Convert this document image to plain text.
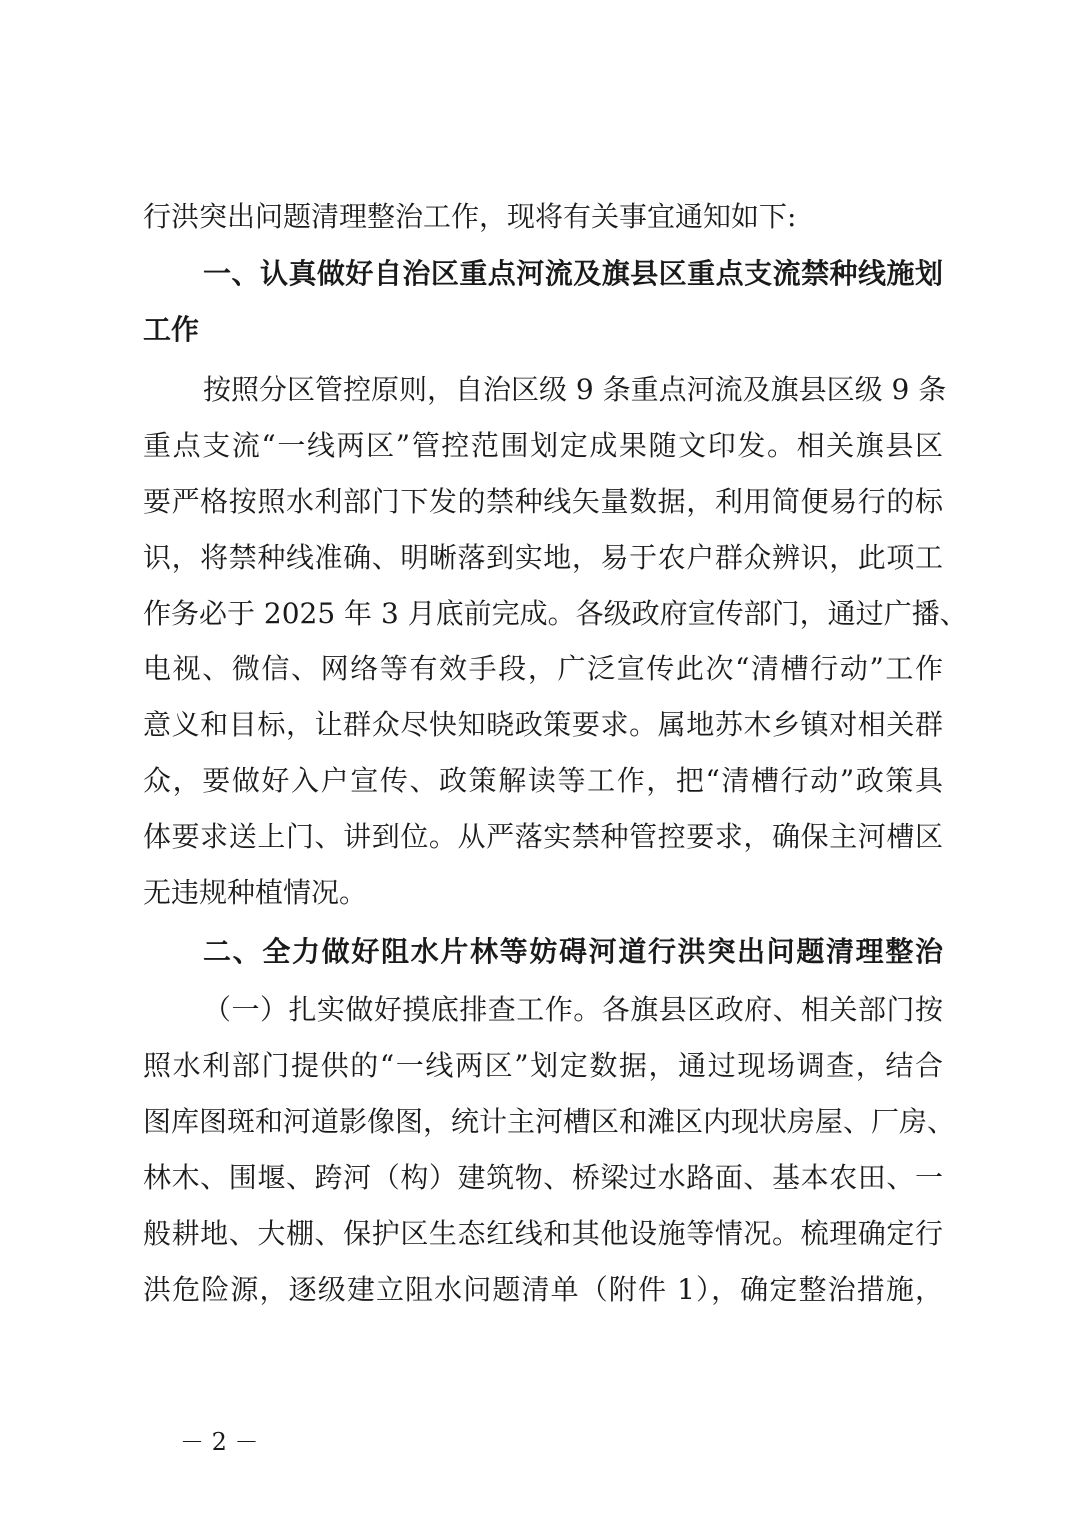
行洪突出问题清理整治工作，现将有关事宜通知如下:
一、认真做好自治区重点河流及旗县区重点支流禁种线施划
工作
按照分区管控原则，自治区级 9 条重点河流及旗县区级 9 条
重点支流“一线两区”管控范围划定成果随文印发。相关旗县区
要严格按照水利部门下发的禁种线矢量数据，利用简便易行的标
识，将禁种线准确、明晰落到实地，易于农户群众辨识，此项工
作务必于 2025 年 3 月底前完成。各级政府宣传部门，通过广播、
电视、微信、网络等有效手段，广泛宣传此次“清槽行动”工作
意义和目标，让群众尽快知晓政策要求。属地苏木乡镇对相关群
众，要做好入户宣传、政策解读等工作，把“清槽行动”政策具
体要求送上门、讲到位。从严落实禁种管控要求，确保主河槽区
无违规种植情况。
二、全力做好阻水片林等妨碍河道行洪突出问题清理整治
（一）扎实做好摸底排查工作。各旗县区政府、相关部门按
照水利部门提供的“一线两区”划定数据，通过现场调查，结合
图库图斑和河道影像图，统计主河槽区和滩区内现状房屋、厂房、
林木、围堰、跨河（构）建筑物、桥梁过水路面、基本农田、一
般耕地、大棚、保护区生态红线和其他设施等情况。梳理确定行
洪危险源，逐级建立阻水问题清单（附件 1），确定整治措施，
－ 2 －
